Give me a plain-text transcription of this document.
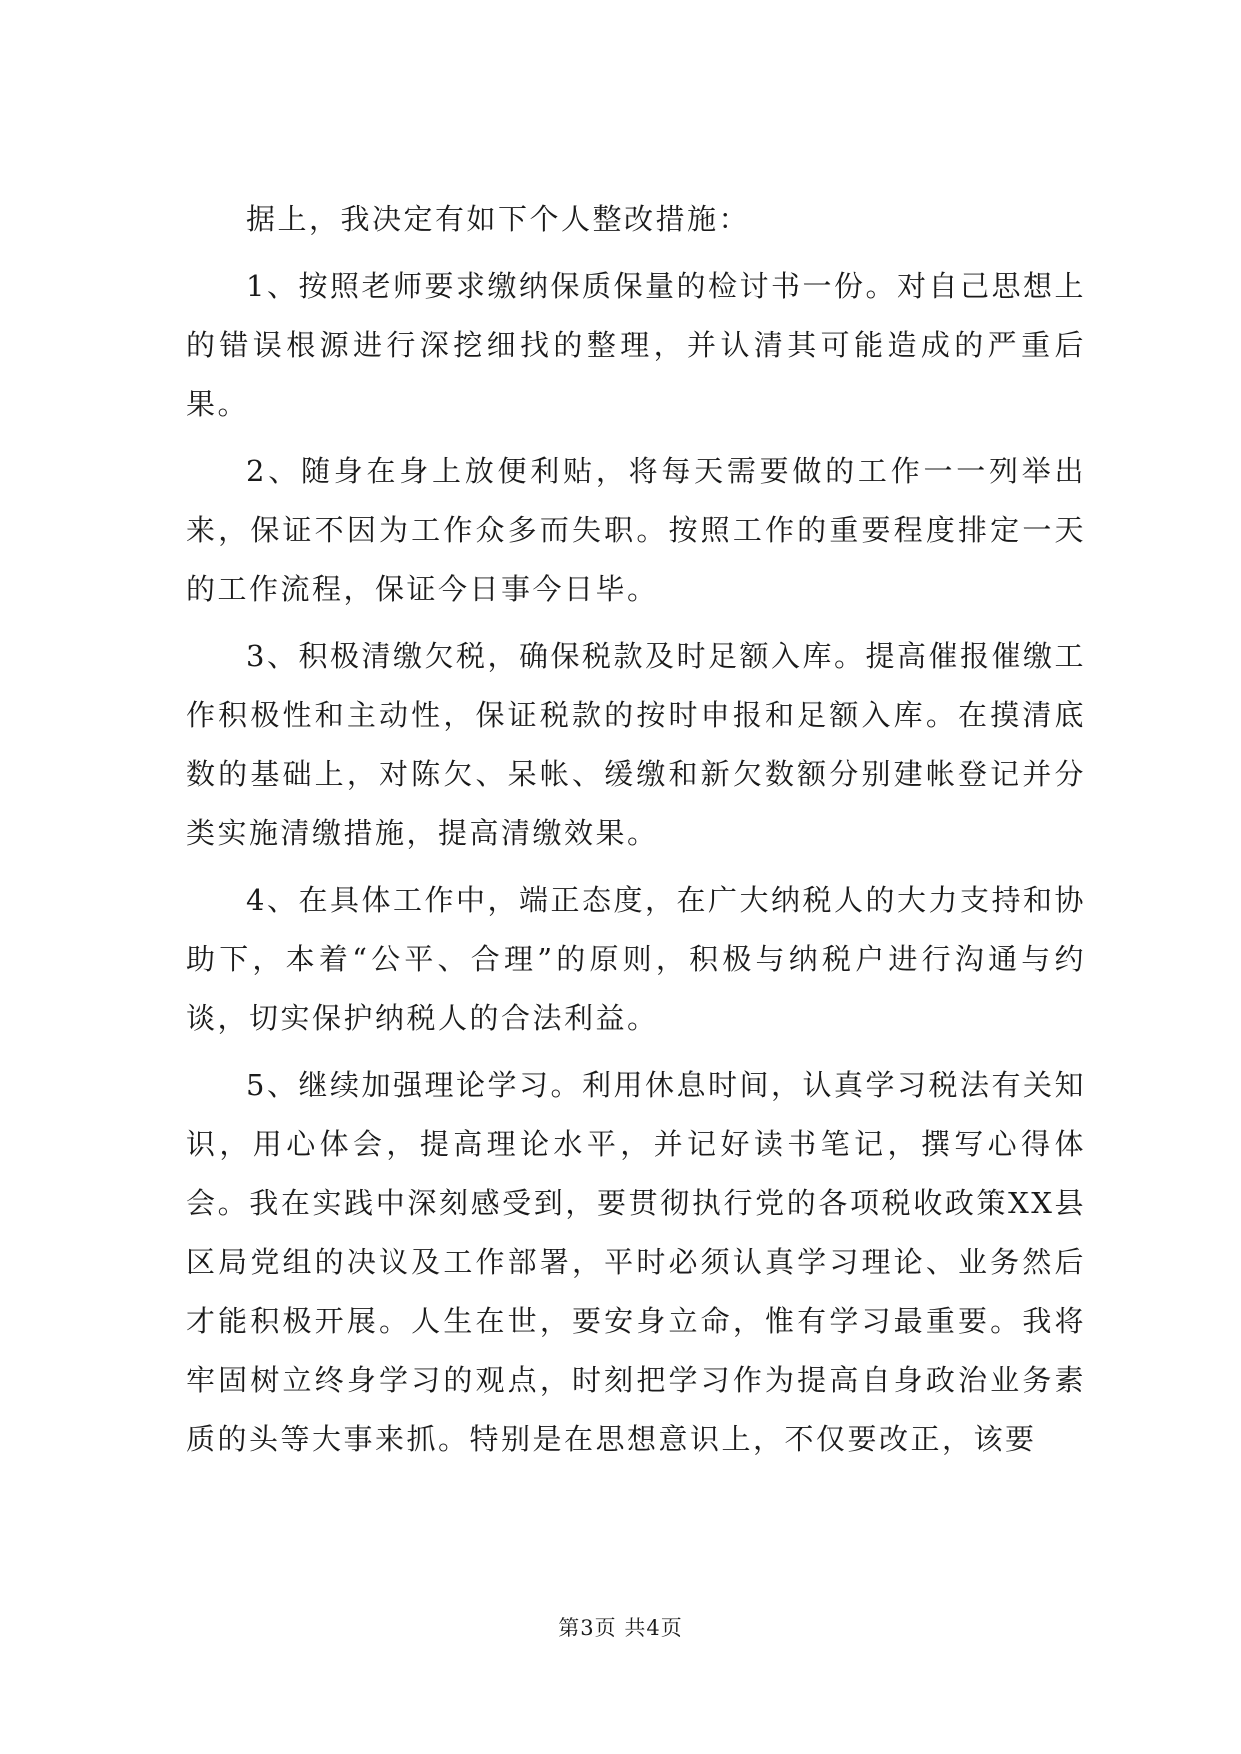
据上，我决定有如下个人整改措施：

1、按照老师要求缴纳保质保量的检讨书一份。对自己思想上的错误根源进行深挖细找的整理，并认清其可能造成的严重后果。

2、随身在身上放便利贴，将每天需要做的工作一一列举出来，保证不因为工作众多而失职。按照工作的重要程度排定一天的工作流程，保证今日事今日毕。

3、积极清缴欠税，确保税款及时足额入库。提高催报催缴工作积极性和主动性，保证税款的按时申报和足额入库。在摸清底数的基础上，对陈欠、呆帐、缓缴和新欠数额分别建帐登记并分类实施清缴措施，提高清缴效果。

4、在具体工作中，端正态度，在广大纳税人的大力支持和协助下，本着“公平、合理”的原则，积极与纳税户进行沟通与约谈，切实保护纳税人的合法利益。

5、继续加强理论学习。利用休息时间，认真学习税法有关知识，用心体会，提高理论水平，并记好读书笔记，撰写心得体会。我在实践中深刻感受到，要贯彻执行党的各项税收政策XX县区局党组的决议及工作部署，平时必须认真学习理论、业务然后才能积极开展。人生在世，要安身立命，惟有学习最重要。我将牢固树立终身学习的观点，时刻把学习作为提高自身政治业务素质的头等大事来抓。特别是在思想意识上，不仅要改正，该要

第3页 共4页
